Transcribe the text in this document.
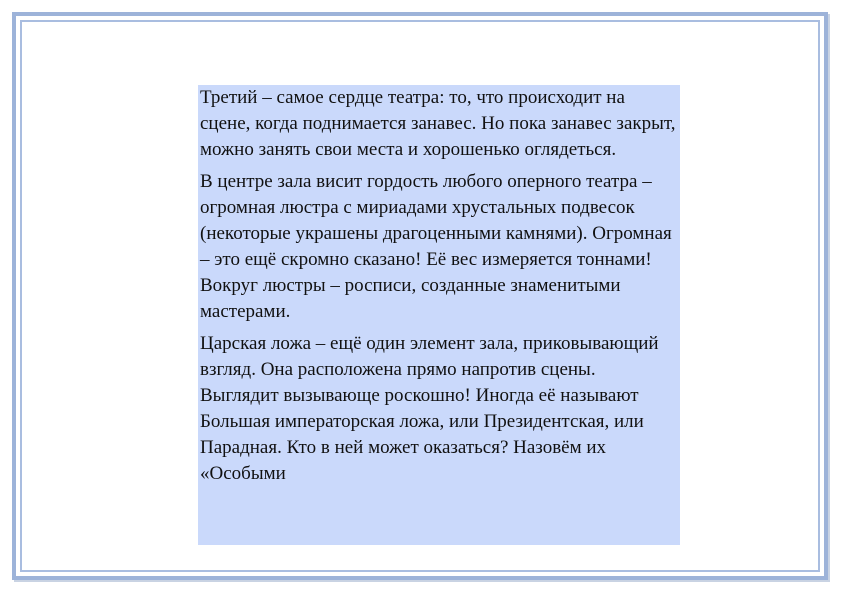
Третий – самое сердце театра: то, что происходит на сцене, когда поднимается занавес. Но пока занавес закрыт, можно занять свои места и хорошенько оглядеться.

В центре зала висит гордость любого оперного театра – огромная люстра с мириадами хрустальных подвесок (некоторые украшены драгоценными камнями). Огромная – это ещё скромно сказано! Её вес измеряется тоннами! Вокруг люстры – росписи, созданные знаменитыми мастерами.

Царская ложа – ещё один элемент зала, приковывающий взгляд. Она расположена прямо напротив сцены. Выглядит вызывающе роскошно! Иногда её называют Большая императорская ложа, или Президентская, или Парадная. Кто в ней может оказаться? Назовём их «Особыми
